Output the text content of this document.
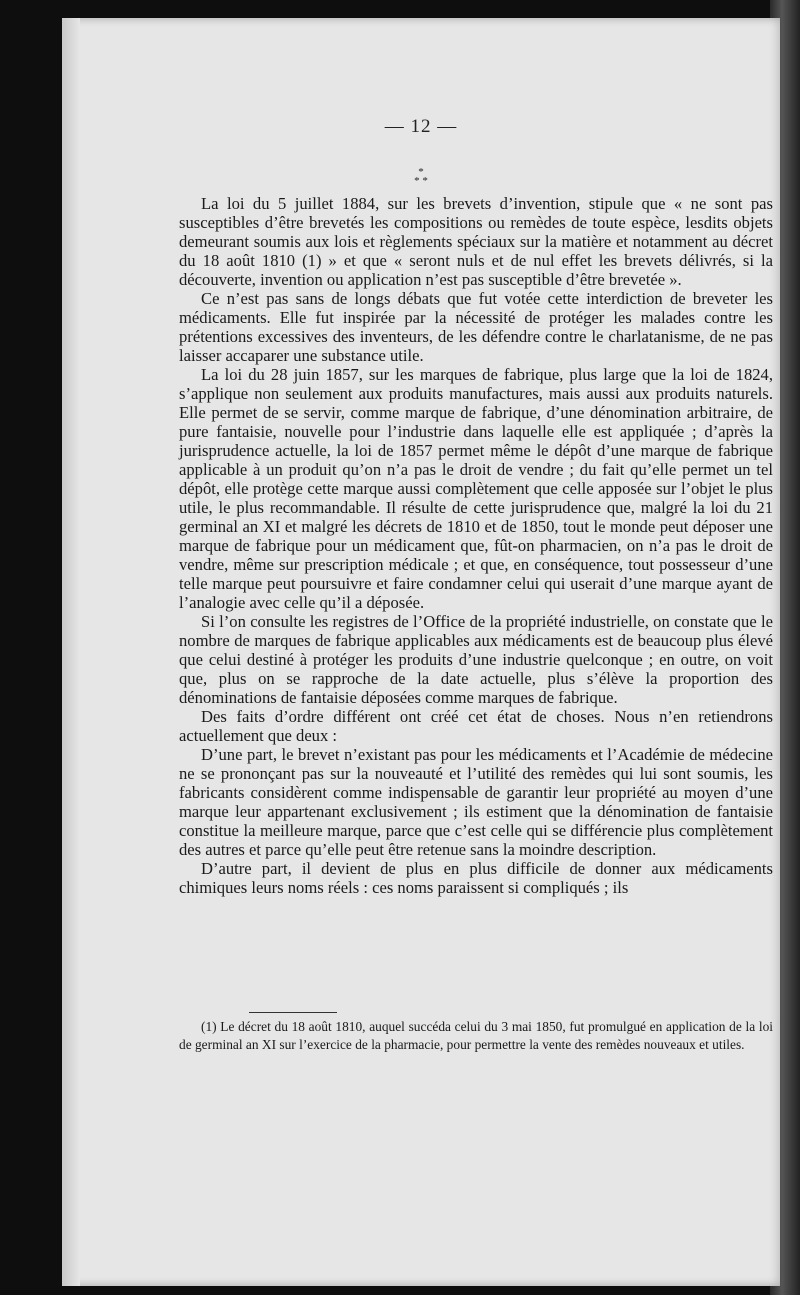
— 12 —
*
* *

La loi du 5 juillet 1884, sur les brevets d’invention, stipule que « ne sont pas susceptibles d’être brevetés les compositions ou remèdes de toute espèce, lesdits objets demeurant soumis aux lois et règlements spéciaux sur la matière et notamment au décret du 18 août 1810 (1) » et que « seront nuls et de nul effet les brevets délivrés, si la découverte, invention ou application n’est pas susceptible d’être brevetée ».

Ce n’est pas sans de longs débats que fut votée cette interdiction de breveter les médicaments. Elle fut inspirée par la nécessité de protéger les malades contre les prétentions excessives des inventeurs, de les défendre contre le charlatanisme, de ne pas laisser accaparer une substance utile.

La loi du 28 juin 1857, sur les marques de fabrique, plus large que la loi de 1824, s’applique non seulement aux produits manufactures, mais aussi aux produits naturels. Elle permet de se servir, comme marque de fabrique, d’une dénomination arbitraire, de pure fantaisie, nouvelle pour l’industrie dans laquelle elle est appliquée ; d’après la jurisprudence actuelle, la loi de 1857 permet même le dépôt d’une marque de fabrique applicable à un produit qu’on n’a pas le droit de vendre ; du fait qu’elle permet un tel dépôt, elle protège cette marque aussi complètement que celle apposée sur l’objet le plus utile, le plus recommandable. Il résulte de cette jurisprudence que, malgré la loi du 21 germinal an XI et malgré les décrets de 1810 et de 1850, tout le monde peut déposer une marque de fabrique pour un médicament que, fût-on pharmacien, on n’a pas le droit de vendre, même sur prescription médicale ; et que, en conséquence, tout possesseur d’une telle marque peut poursuivre et faire condamner celui qui userait d’une marque ayant de l’analogie avec celle qu’il a déposée.

Si l’on consulte les registres de l’Office de la propriété industrielle, on constate que le nombre de marques de fabrique applicables aux médicaments est de beaucoup plus élevé que celui destiné à protéger les produits d’une industrie quelconque ; en outre, on voit que, plus on se rapproche de la date actuelle, plus s’élève la proportion des dénominations de fantaisie déposées comme marques de fabrique.

Des faits d’ordre différent ont créé cet état de choses. Nous n’en retiendrons actuellement que deux :

D’une part, le brevet n’existant pas pour les médicaments et l’Académie de médecine ne se prononçant pas sur la nouveauté et l’utilité des remèdes qui lui sont soumis, les fabricants considèrent comme indispensable de garantir leur propriété au moyen d’une marque leur appartenant exclusivement ; ils estiment que la dénomination de fantaisie constitue la meilleure marque, parce que c’est celle qui se différencie plus complètement des autres et parce qu’elle peut être retenue sans la moindre description.

D’autre part, il devient de plus en plus difficile de donner aux médicaments chimiques leurs noms réels : ces noms paraissent si compliqués ; ils

(1) Le décret du 18 août 1810, auquel succéda celui du 3 mai 1850, fut promulgué en application de la loi de germinal an XI sur l’exercice de la pharmacie, pour permettre la vente des remèdes nouveaux et utiles.
